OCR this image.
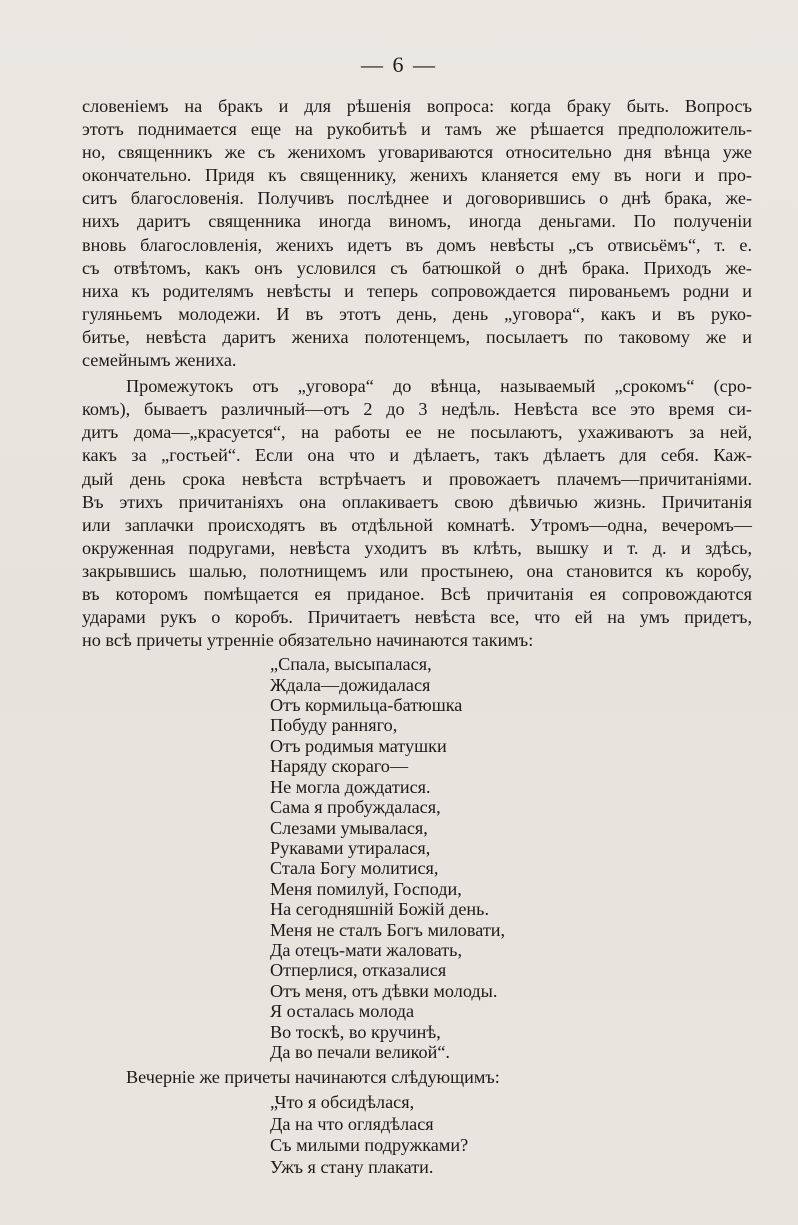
— 6 —

словенiемъ на бракъ и для рѣшенiя вопроса: когда браку быть. Вопросъ
этотъ поднимается еще на рукобитьѣ и тамъ же рѣшается предположитель-
но, священникъ же съ женихомъ уговариваются относительно дня вѣнца уже
окончательно. Придя къ священнику, женихъ кланяется ему въ ноги и про-
ситъ благословенiя. Получивъ послѣднее и договорившись о днѣ брака, же-
нихъ даритъ священника иногда виномъ, иногда деньгами. По полученiи
вновь благословленiя, женихъ идетъ въ домъ невѣсты „съ отвисьёмъ“, т. е.
съ отвѣтомъ, какъ онъ условился съ батюшкой о днѣ брака. Приходъ же-
ниха къ родителямъ невѣсты и теперь сопровождается пированьемъ родни и
гуляньемъ молодежи. И въ этотъ день, день „уговора“, какъ и въ руко-
битье, невѣста даритъ жениха полотенцемъ, посылаетъ по таковому же и
семейнымъ жениха.

Промежутокъ отъ „уговора“ до вѣнца, называемый „срокомъ“ (сро-
комъ), бываетъ различный—отъ 2 до 3 недѣль. Невѣста все это время си-
дитъ дома—„красуется“, на работы ее не посылаютъ, ухаживаютъ за ней,
какъ за „гостьей“. Если она что и дѣлаетъ, такъ дѣлаетъ для себя. Каж-
дый день срока невѣста встрѣчаетъ и провожаетъ плачемъ—причитанiями.
Въ этихъ причитанiяхъ она оплакиваетъ свою дѣвичью жизнь. Причитанiя
или заплачки происходятъ въ отдѣльной комнатѣ. Утромъ—одна, вечеромъ—
окруженная подругами, невѣста уходитъ въ клѣть, вышку и т. д. и здѣсь,
закрывшись шалью, полотнищемъ или простынею, она становится къ коробу,
въ которомъ помѣщается ея приданое. Всѣ причитанiя ея сопровождаются
ударами рукъ о коробъ. Причитаетъ невѣста все, что ей на умъ придетъ,
но всѣ причеты утреннiе обязательно начинаются такимъ:

„Спала, высыпалася,
Ждала—дожидалася
Отъ кормильца-батюшка
Побуду ранняго,
Отъ родимыя матушки
Наряду скораго—
Не могла дождатися.
Сама я пробуждалася,
Слезами умывалася,
Рукавами утиралася,
Стала Богу молитися,
Меня помилуй, Господи,
На сегодняшнiй Божiй день.
Меня не сталъ Богъ миловати,
Да отецъ-мати жаловать,
Отперлися, отказалися
Отъ меня, отъ дѣвки молоды.
Я осталась молода
Во тоскѣ, во кручинѣ,
Да во печали великой“.
Вечернiе же причеты начинаются слѣдующимъ:
„Что я обсидѣлася,
Да на что оглядѣлася
Съ милыми подружками?
Ужъ я стану плакати.
